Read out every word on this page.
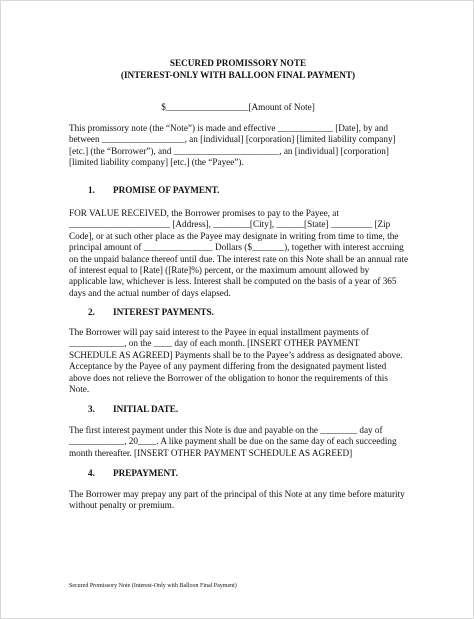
SECURED PROMISSORY NOTE
(INTEREST-ONLY WITH BALLOON FINAL PAYMENT)
$__________________[Amount of Note]

This promissory note (the “Note”) is made and effective ____________ [Date], by and between __________________, an [individual] [corporation] [limited liability company] [etc.] (the “Borrower”), and _______________________, an [individual] [corporation] [limited liability company] [etc.] (the “Payee”).

1. PROMISE OF PAYMENT.

FOR VALUE RECEIVED, the Borrower promises to pay to the Payee, at ______________________ [Address], ________[City], ______[State] _________ [Zip Code], or at such other place as the Payee may designate in writing from time to time, the principal amount of _______________ Dollars ($_______), together with interest accruing on the unpaid balance thereof until due. The interest rate on this Note shall be an annual rate of interest equal to [Rate] ([Rate]%) percent, or the maximum amount allowed by applicable law, whichever is less. Interest shall be computed on the basis of a year of 365 days and the actual number of days elapsed.

2. INTEREST PAYMENTS.

The Borrower will pay said interest to the Payee in equal installment payments of ____________, on the ____ day of each month. [INSERT OTHER PAYMENT SCHEDULE AS AGREED] Payments shall be to the Payee’s address as designated above. Acceptance by the Payee of any payment differing from the designated payment listed above does not relieve the Borrower of the obligation to honor the requirements of this Note.

3. INITIAL DATE.

The first interest payment under this Note is due and payable on the ________ day of ____________, 20____. A like payment shall be due on the same day of each succeeding month thereafter. [INSERT OTHER PAYMENT SCHEDULE AS AGREED]

4. PREPAYMENT.

The Borrower may prepay any part of the principal of this Note at any time before maturity without penalty or premium.

Secured Promissory Note (Interest-Only with Balloon Final Payment)
